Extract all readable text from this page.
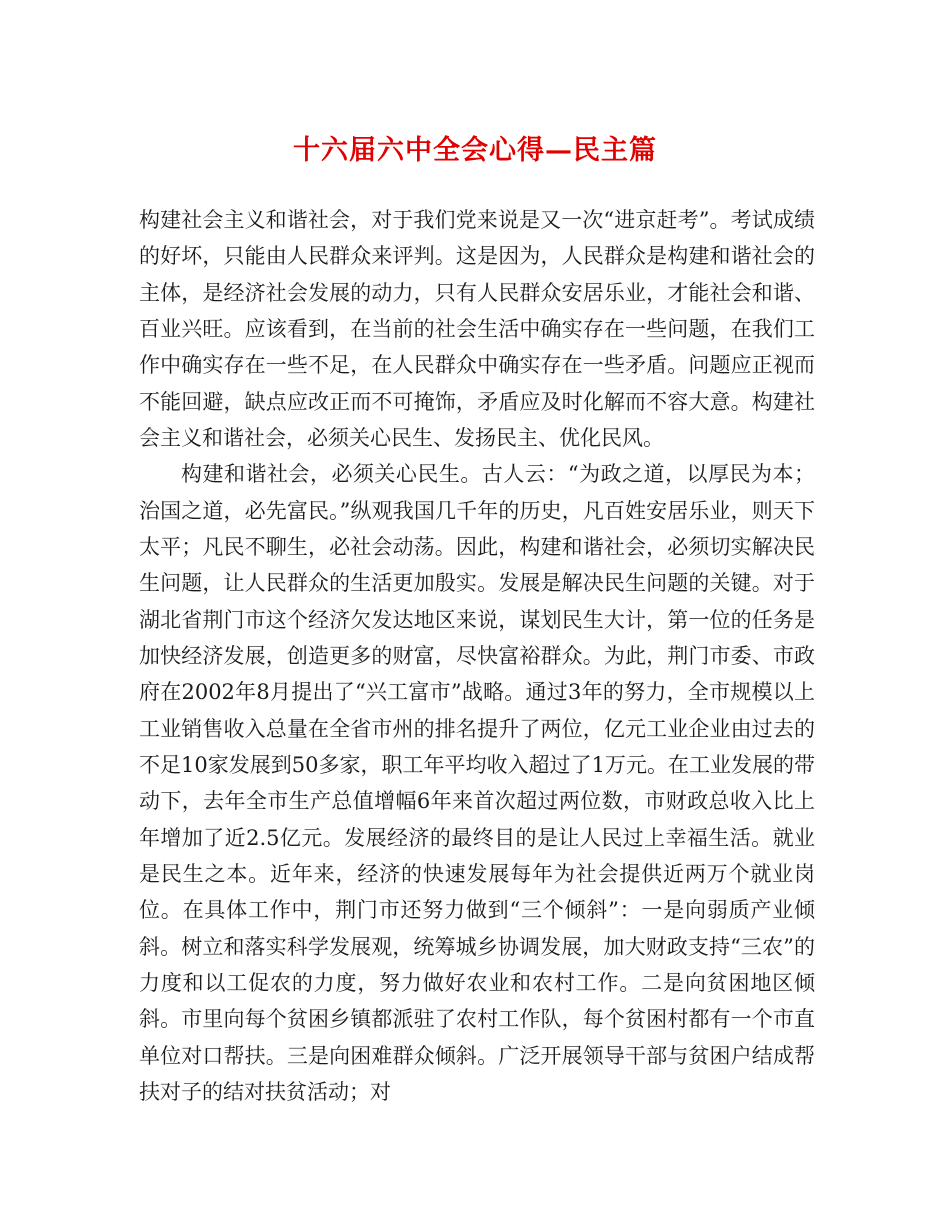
十六届六中全会心得—民主篇

构建社会主义和谐社会，对于我们党来说是又一次“进京赶考”。考试成绩的好坏，只能由人民群众来评判。这是因为，人民群众是构建和谐社会的主体，是经济社会发展的动力，只有人民群众安居乐业，才能社会和谐、百业兴旺。应该看到，在当前的社会生活中确实存在一些问题，在我们工作中确实存在一些不足，在人民群众中确实存在一些矛盾。问题应正视而不能回避，缺点应改正而不可掩饰，矛盾应及时化解而不容大意。构建社会主义和谐社会，必须关心民生、发扬民主、优化民风。

构建和谐社会，必须关心民生。古人云：“为政之道，以厚民为本；治国之道，必先富民。”纵观我国几千年的历史，凡百姓安居乐业，则天下太平；凡民不聊生，必社会动荡。因此，构建和谐社会，必须切实解决民生问题，让人民群众的生活更加殷实。发展是解决民生问题的关键。对于湖北省荆门市这个经济欠发达地区来说，谋划民生大计，第一位的任务是加快经济发展，创造更多的财富，尽快富裕群众。为此，荆门市委、市政府在2002年8月提出了“兴工富市”战略。通过3年的努力，全市规模以上工业销售收入总量在全省市州的排名提升了两位，亿元工业企业由过去的不足10家发展到50多家，职工年平均收入超过了1万元。在工业发展的带动下，去年全市生产总值增幅6年来首次超过两位数，市财政总收入比上年增加了近2.5亿元。发展经济的最终目的是让人民过上幸福生活。就业是民生之本。近年来，经济的快速发展每年为社会提供近两万个就业岗位。在具体工作中，荆门市还努力做到“三个倾斜”：一是向弱质产业倾斜。树立和落实科学发展观，统筹城乡协调发展，加大财政支持“三农”的力度和以工促农的力度，努力做好农业和农村工作。二是向贫困地区倾斜。市里向每个贫困乡镇都派驻了农村工作队，每个贫困村都有一个市直单位对口帮扶。三是向困难群众倾斜。广泛开展领导干部与贫困户结成帮扶对子的结对扶贫活动；对
